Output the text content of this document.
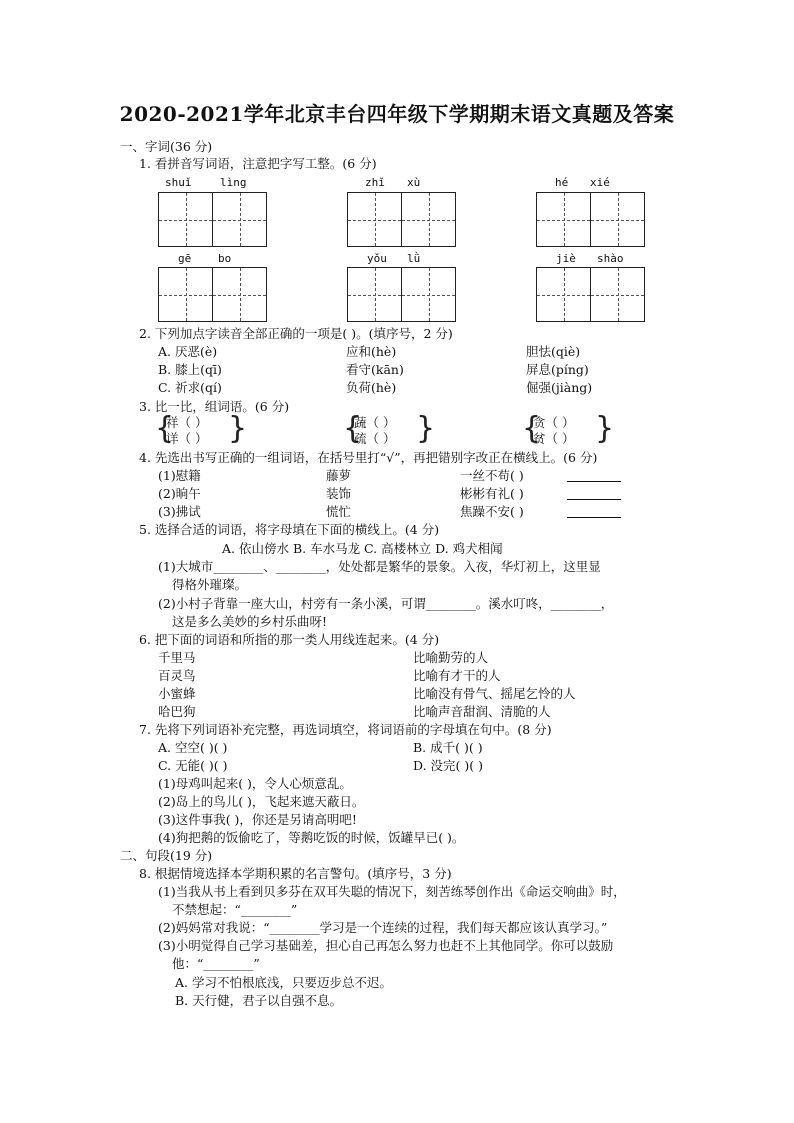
2020-2021学年北京丰台四年级下学期期末语文真题及答案
一、字词(36 分)
1. 看拼音写词语，注意把字写工整。(6 分)
shuǐ	lìng	zhǐ xù	hé xié
gē bo	yǒu lǜ	jiè shào
2. 下列加点字读音全部正确的一项是( )。(填序号，2 分)
A. 厌恶(è)	应和(hè)	胆怯(qiè)
B. 膝上(qī)	看守(kān)	屏息(píng)
C. 祈求(qí)	负荷(hè)	倔强(jiàng)
3. 比一比，组词语。(6 分)
{
祥（ ）
详（ ） }	{
蔬（ ）
疏（ ） }	{
贪（ ）
贫（ ） }
4. 先选出书写正确的一组词语，在括号里打“√”，再把错别字改正在横线上。(6 分)
(1)慰籍	藤萝	一丝不苟( )
(2)晌午	装饰	彬彬有礼( )
(3)拂试	慌忙	焦躁不安( )
5. 选择合适的词语，将字母填在下面的横线上。(4 分)
A. 依山傍水 B. 车水马龙 C. 高楼林立 D. 鸡犬相闻
(1)大城市________、________，处处都是繁华的景象。入夜，华灯初上，这里显
得格外璀璨。
(2)小村子背靠一座大山，村旁有一条小溪，可谓________。溪水叮咚，________，
这是多么美妙的乡村乐曲呀!
6. 把下面的词语和所指的那一类人用线连起来。(4 分)
千里马
百灵鸟
小蜜蜂
哈巴狗
比喻勤劳的人
比喻有才干的人
比喻没有骨气、摇尾乞怜的人
比喻声音甜润、清脆的人
7. 先将下列词语补充完整，再选词填空，将词语前的字母填在句中。(8 分)
A. 空空( )( )	B. 成千( )( )
C. 无能( )( )	D. 没完( )( )
(1)母鸡叫起来( )，令人心烦意乱。
(2)岛上的鸟儿( )，飞起来遮天蔽日。
(3)这件事我( )，你还是另请高明吧!
(4)狗把鹅的饭偷吃了，等鹅吃饭的时候，饭罐早已( )。
二、句段(19 分)
8. 根据情境选择本学期积累的名言警句。(填序号，3 分)
(1)当我从书上看到贝多芬在双耳失聪的情况下，刻苦练琴创作出《命运交响曲》时，
不禁想起：“________”
(2)妈妈常对我说：“________学习是一个连续的过程，我们每天都应该认真学习。”
(3)小明觉得自己学习基础差，担心自己再怎么努力也赶不上其他同学。你可以鼓励
他：“________”
A. 学习不怕根底浅，只要迈步总不迟。
B. 天行健，君子以自强不息。
